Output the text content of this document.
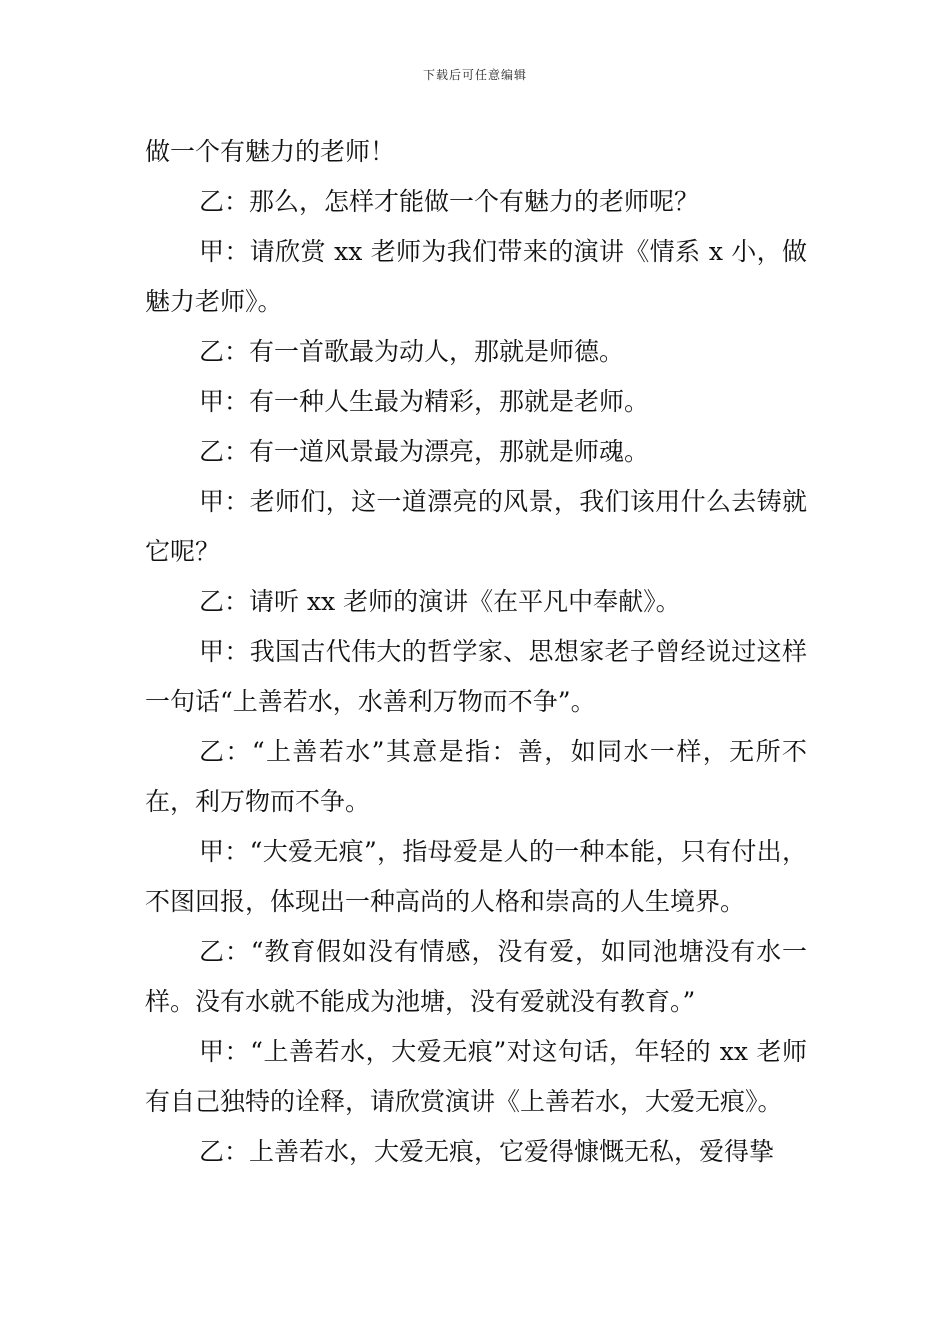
下载后可任意编辑

做一个有魅力的老师！

乙：那么，怎样才能做一个有魅力的老师呢？

甲：请欣赏 xx 老师为我们带来的演讲《情系 x 小，做魅力老师》。

乙：有一首歌最为动人，那就是师德。

甲：有一种人生最为精彩，那就是老师。

乙：有一道风景最为漂亮，那就是师魂。

甲：老师们，这一道漂亮的风景，我们该用什么去铸就它呢？

乙：请听 xx 老师的演讲《在平凡中奉献》。

甲：我国古代伟大的哲学家、思想家老子曾经说过这样一句话“上善若水，水善利万物而不争”。

乙：“上善若水”其意是指：善，如同水一样，无所不在，利万物而不争。

甲：“大爱无痕”，指母爱是人的一种本能，只有付出，不图回报，体现出一种高尚的人格和崇高的人生境界。

乙：“教育假如没有情感，没有爱，如同池塘没有水一样。没有水就不能成为池塘，没有爱就没有教育。”

甲：“上善若水，大爱无痕”对这句话，年轻的 xx 老师有自己独特的诠释，请欣赏演讲《上善若水，大爱无痕》。

乙：上善若水，大爱无痕，它爱得慷慨无私，爱得挚
